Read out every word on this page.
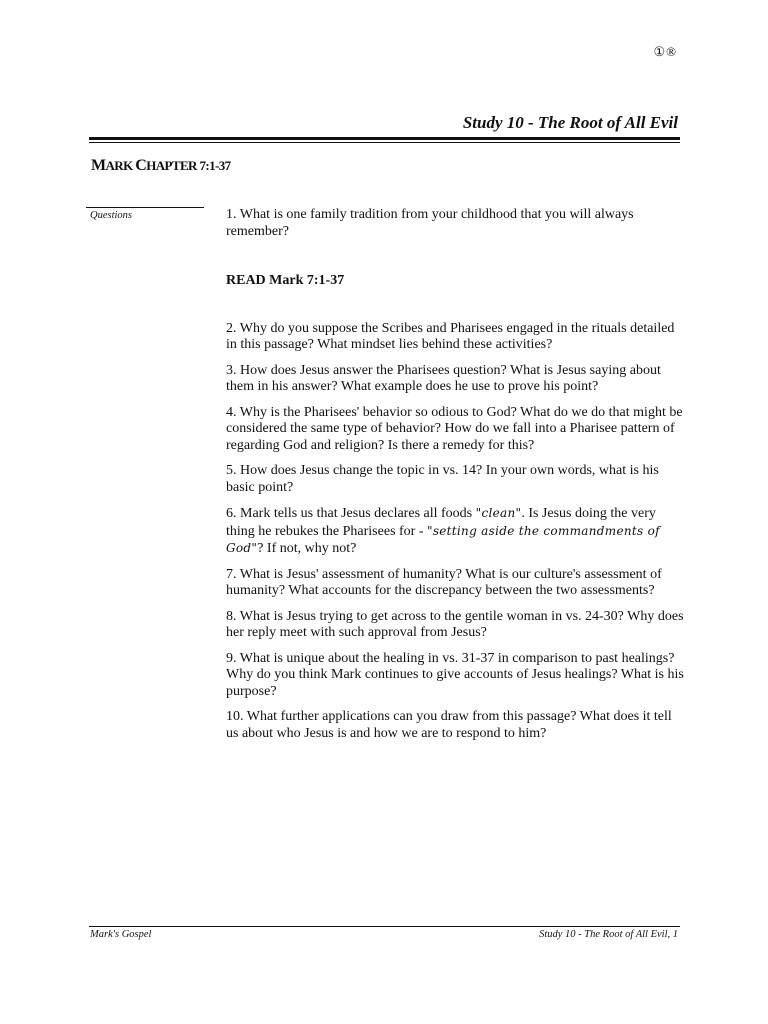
①®
Study 10 - The Root of All Evil
MARK CHAPTER 7:1-37
Questions	1. What is one family tradition from your childhood that you will always remember?

READ Mark 7:1-37

2. Why do you suppose the Scribes and Pharisees engaged in the rituals detailed in this passage? What mindset lies behind these activities?

3. How does Jesus answer the Pharisees question? What is Jesus saying about them in his answer? What example does he use to prove his point?

4. Why is the Pharisees' behavior so odious to God? What do we do that might be considered the same type of behavior? How do we fall into a Pharisee pattern of regarding God and religion? Is there a remedy for this?

5. How does Jesus change the topic in vs. 14? In your own words, what is his basic point?

6. Mark tells us that Jesus declares all foods "clean". Is Jesus doing the very thing he rebukes the Pharisees for - "setting aside the commandments of God"? If not, why not?

7. What is Jesus' assessment of humanity? What is our culture's assessment of humanity? What accounts for the discrepancy between the two assessments?

8. What is Jesus trying to get across to the gentile woman in vs. 24-30? Why does her reply meet with such approval from Jesus?

9. What is unique about the healing in vs. 31-37 in comparison to past healings? Why do you think Mark continues to give accounts of Jesus healings? What is his purpose?

10. What further applications can you draw from this passage? What does it tell us about who Jesus is and how we are to respond to him?

Mark's Gospel	Study 10 - The Root of All Evil, 1
